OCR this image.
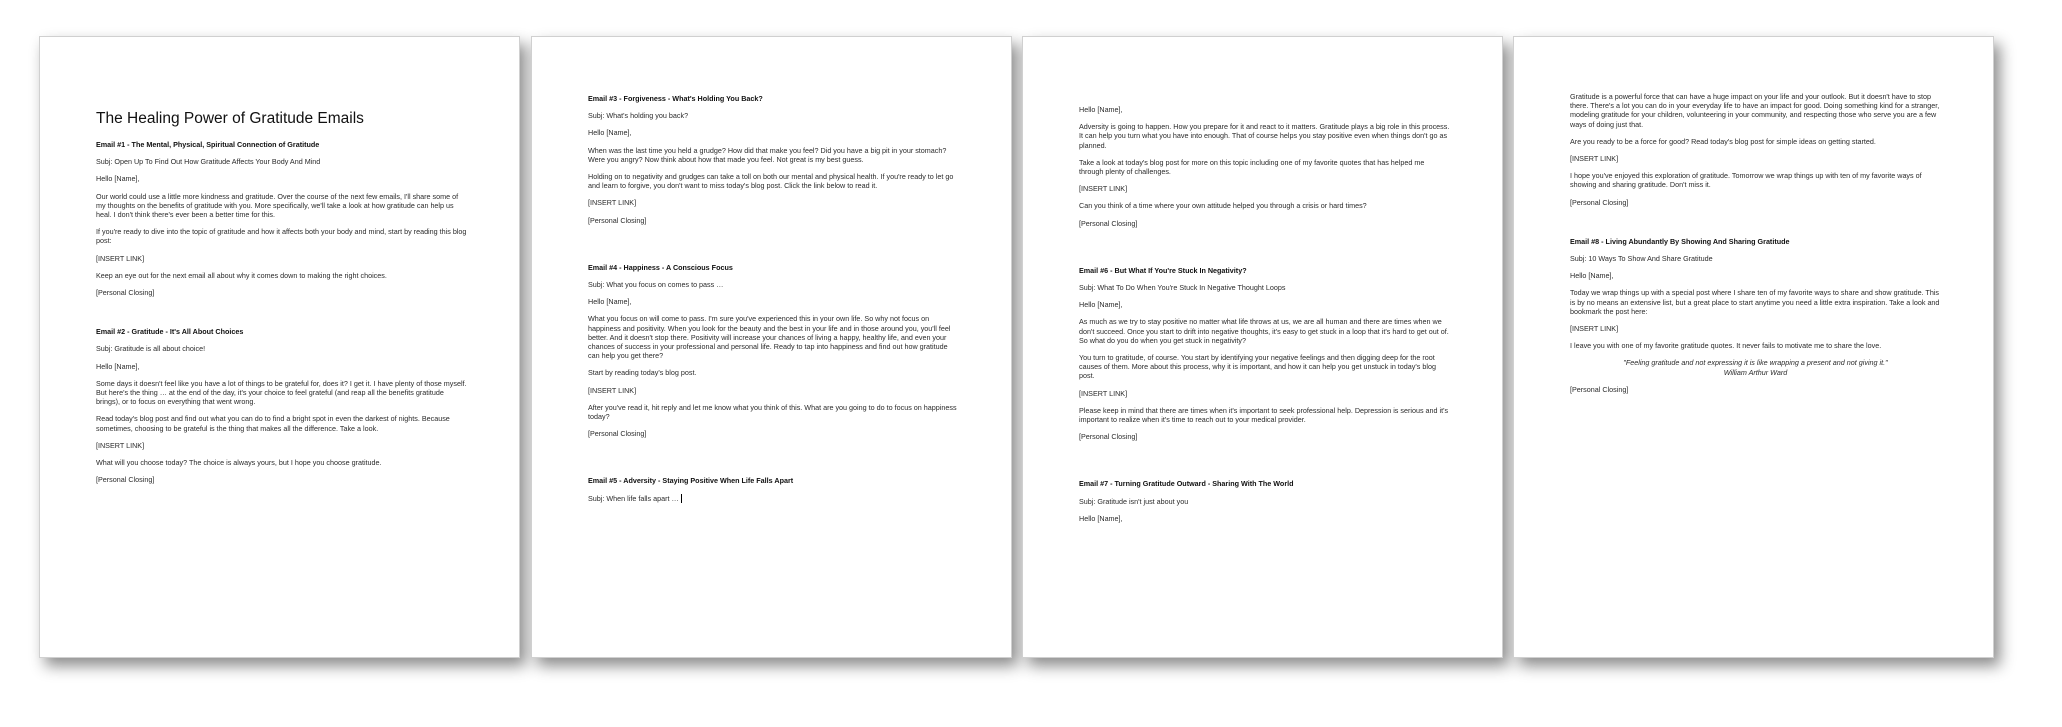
The Healing Power of Gratitude Emails
Email #1 - The Mental, Physical, Spiritual Connection of Gratitude
Subj: Open Up To Find Out How Gratitude Affects Your Body And Mind
Hello [Name],
Our world could use a little more kindness and gratitude. Over the course of the next few emails, I'll share some of my thoughts on the benefits of gratitude with you. More specifically, we'll take a look at how gratitude can help us heal. I don't think there's ever been a better time for this.
If you're ready to dive into the topic of gratitude and how it affects both your body and mind, start by reading this blog post:
[INSERT LINK]
Keep an eye out for the next email all about why it comes down to making the right choices.
[Personal Closing]
Email #2 - Gratitude - It's All About Choices
Subj: Gratitude is all about choice!
Hello [Name],
Some days it doesn't feel like you have a lot of things to be grateful for, does it? I get it. I have plenty of those myself. But here's the thing … at the end of the day, it's your choice to feel grateful (and reap all the benefits gratitude brings), or to focus on everything that went wrong.
Read today's blog post and find out what you can do to find a bright spot in even the darkest of nights. Because sometimes, choosing to be grateful is the thing that makes all the difference. Take a look.
[INSERT LINK]
What will you choose today? The choice is always yours, but I hope you choose gratitude.
[Personal Closing]
Email #3 - Forgiveness - What's Holding You Back?
Subj: What's holding you back?
Hello [Name],
When was the last time you held a grudge? How did that make you feel? Did you have a big pit in your stomach? Were you angry? Now think about how that made you feel. Not great is my best guess.
Holding on to negativity and grudges can take a toll on both our mental and physical health. If you're ready to let go and learn to forgive, you don't want to miss today's blog post. Click the link below to read it.
[INSERT LINK]
[Personal Closing]
Email #4 - Happiness - A Conscious Focus
Subj: What you focus on comes to pass …
Hello [Name],
What you focus on will come to pass. I'm sure you've experienced this in your own life. So why not focus on happiness and positivity. When you look for the beauty and the best in your life and in those around you, you'll feel better. And it doesn't stop there. Positivity will increase your chances of living a happy, healthy life, and even your chances of success in your professional and personal life. Ready to tap into happiness and find out how gratitude can help you get there?
Start by reading today's blog post.
[INSERT LINK]
After you've read it, hit reply and let me know what you think of this. What are you going to do to focus on happiness today?
[Personal Closing]
Email #5 - Adversity - Staying Positive When Life Falls Apart
Subj: When life falls apart …
Hello [Name],
Adversity is going to happen. How you prepare for it and react to it matters. Gratitude plays a big role in this process. It can help you turn what you have into enough. That of course helps you stay positive even when things don't go as planned.
Take a look at today's blog post for more on this topic including one of my favorite quotes that has helped me through plenty of challenges.
[INSERT LINK]
Can you think of a time where your own attitude helped you through a crisis or hard times?
[Personal Closing]
Email #6 - But What If You're Stuck In Negativity?
Subj: What To Do When You're Stuck In Negative Thought Loops
Hello [Name],
As much as we try to stay positive no matter what life throws at us, we are all human and there are times when we don't succeed. Once you start to drift into negative thoughts, it's easy to get stuck in a loop that it's hard to get out of. So what do you do when you get stuck in negativity?
You turn to gratitude, of course. You start by identifying your negative feelings and then digging deep for the root causes of them. More about this process, why it is important, and how it can help you get unstuck in today's blog post.
[INSERT LINK]
Please keep in mind that there are times when it's important to seek professional help. Depression is serious and it's important to realize when it's time to reach out to your medical provider.
[Personal Closing]
Email #7 - Turning Gratitude Outward - Sharing With The World
Subj: Gratitude isn't just about you
Hello [Name],
Gratitude is a powerful force that can have a huge impact on your life and your outlook. But it doesn't have to stop there. There's a lot you can do in your everyday life to have an impact for good. Doing something kind for a stranger, modeling gratitude for your children, volunteering in your community, and respecting those who serve you are a few ways of doing just that.
Are you ready to be a force for good? Read today's blog post for simple ideas on getting started.
[INSERT LINK]
I hope you've enjoyed this exploration of gratitude. Tomorrow we wrap things up with ten of my favorite ways of showing and sharing gratitude. Don't miss it.
[Personal Closing]
Email #8 - Living Abundantly By Showing And Sharing Gratitude
Subj: 10 Ways To Show And Share Gratitude
Hello [Name],
Today we wrap things up with a special post where I share ten of my favorite ways to share and show gratitude. This is by no means an extensive list, but a great place to start anytime you need a little extra inspiration. Take a look and bookmark the post here:
[INSERT LINK]
I leave you with one of my favorite gratitude quotes. It never fails to motivate me to share the love.
"Feeling gratitude and not expressing it is like wrapping a present and not giving it."
William Arthur Ward
[Personal Closing]
